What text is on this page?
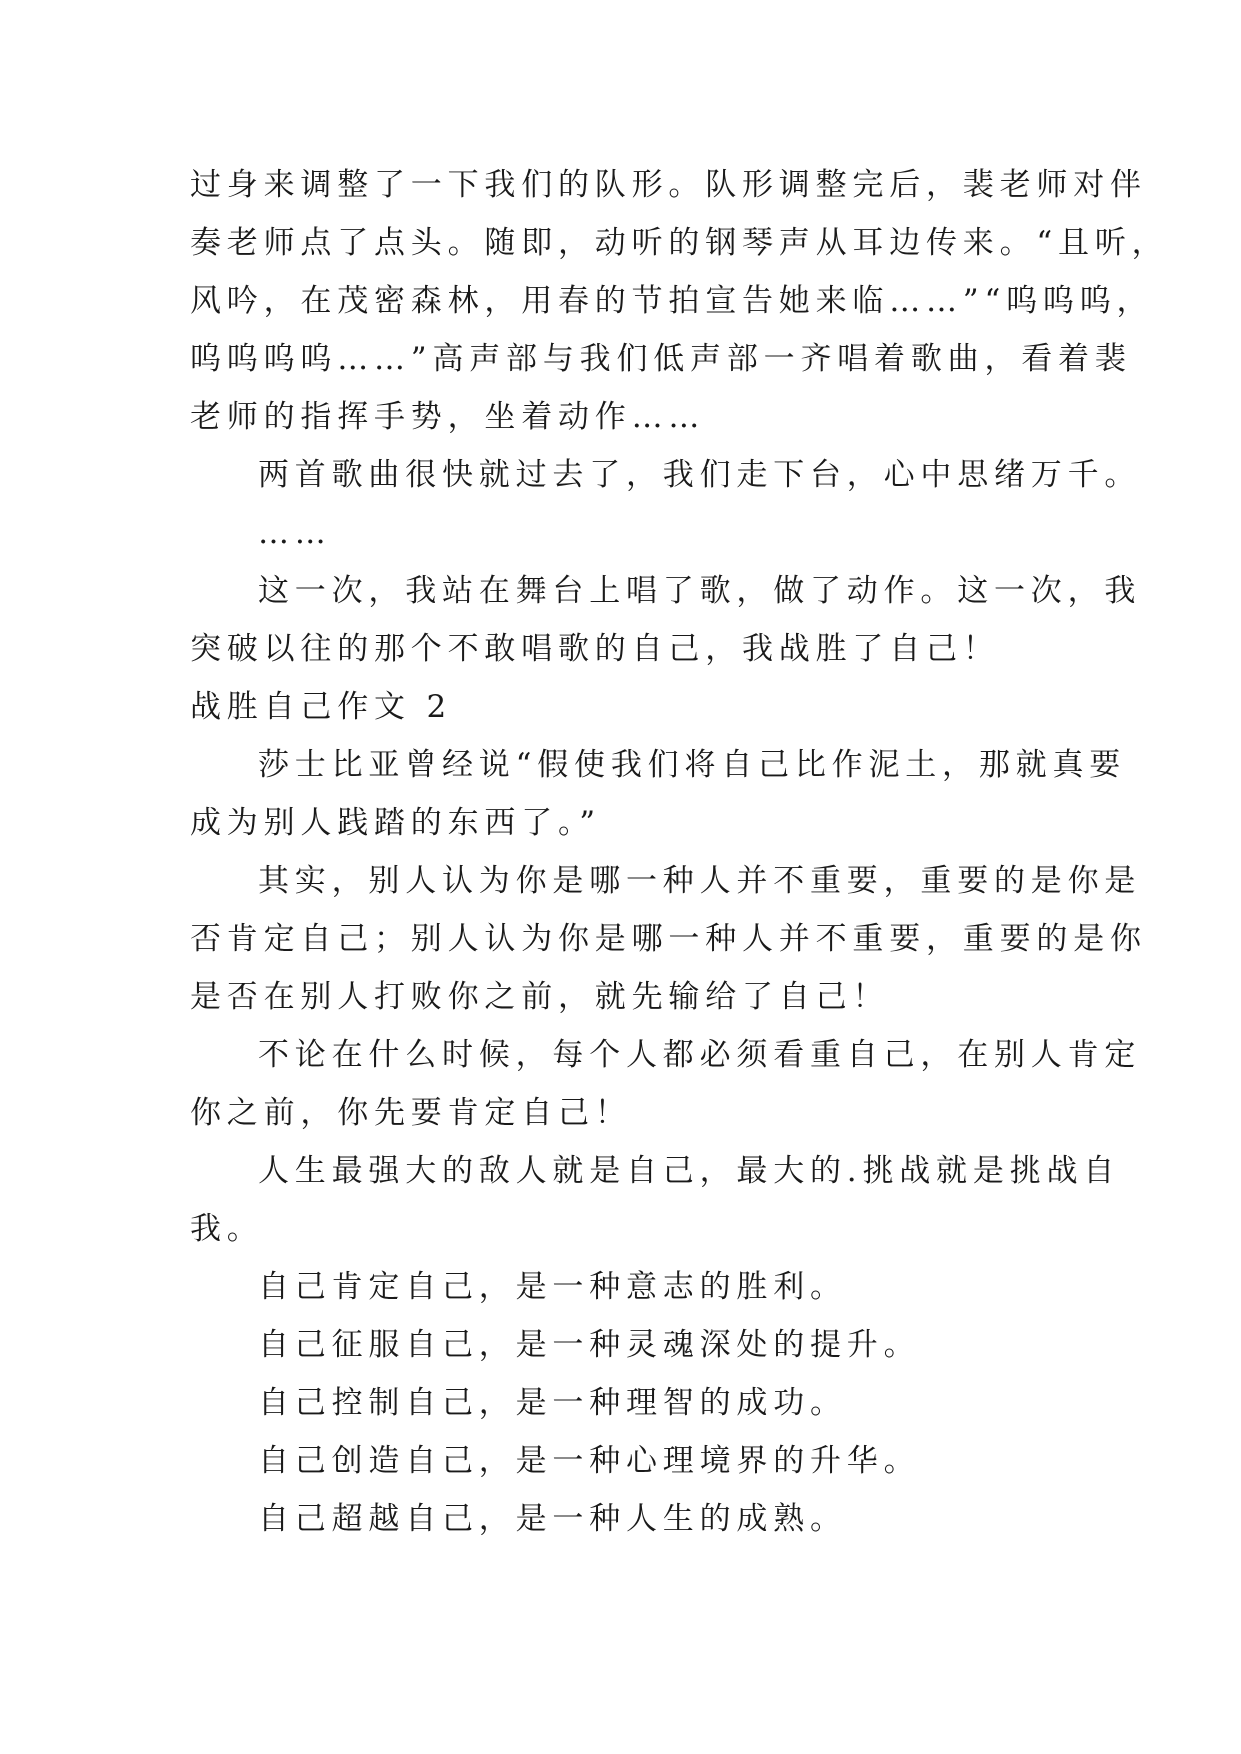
过身来调整了一下我们的队形。队形调整完后，裴老师对伴
奏老师点了点头。随即，动听的钢琴声从耳边传来。“且听，
风吟，在茂密森林，用春的节拍宣告她来临……”“呜呜呜，
呜呜呜呜……”高声部与我们低声部一齐唱着歌曲，看着裴
老师的指挥手势，坐着动作……
两首歌曲很快就过去了，我们走下台，心中思绪万千。
……
这一次，我站在舞台上唱了歌，做了动作。这一次，我
突破以往的那个不敢唱歌的自己，我战胜了自己！
战胜自己作文 2
莎士比亚曾经说“假使我们将自己比作泥土，那就真要
成为别人践踏的东西了。”
其实，别人认为你是哪一种人并不重要，重要的是你是
否肯定自己；别人认为你是哪一种人并不重要，重要的是你
是否在别人打败你之前，就先输给了自己！
不论在什么时候，每个人都必须看重自己，在别人肯定
你之前，你先要肯定自己！
人生最强大的敌人就是自己，最大的.挑战就是挑战自
我。
自己肯定自己，是一种意志的胜利。
自己征服自己，是一种灵魂深处的提升。
自己控制自己，是一种理智的成功。
自己创造自己，是一种心理境界的升华。
自己超越自己，是一种人生的成熟。
